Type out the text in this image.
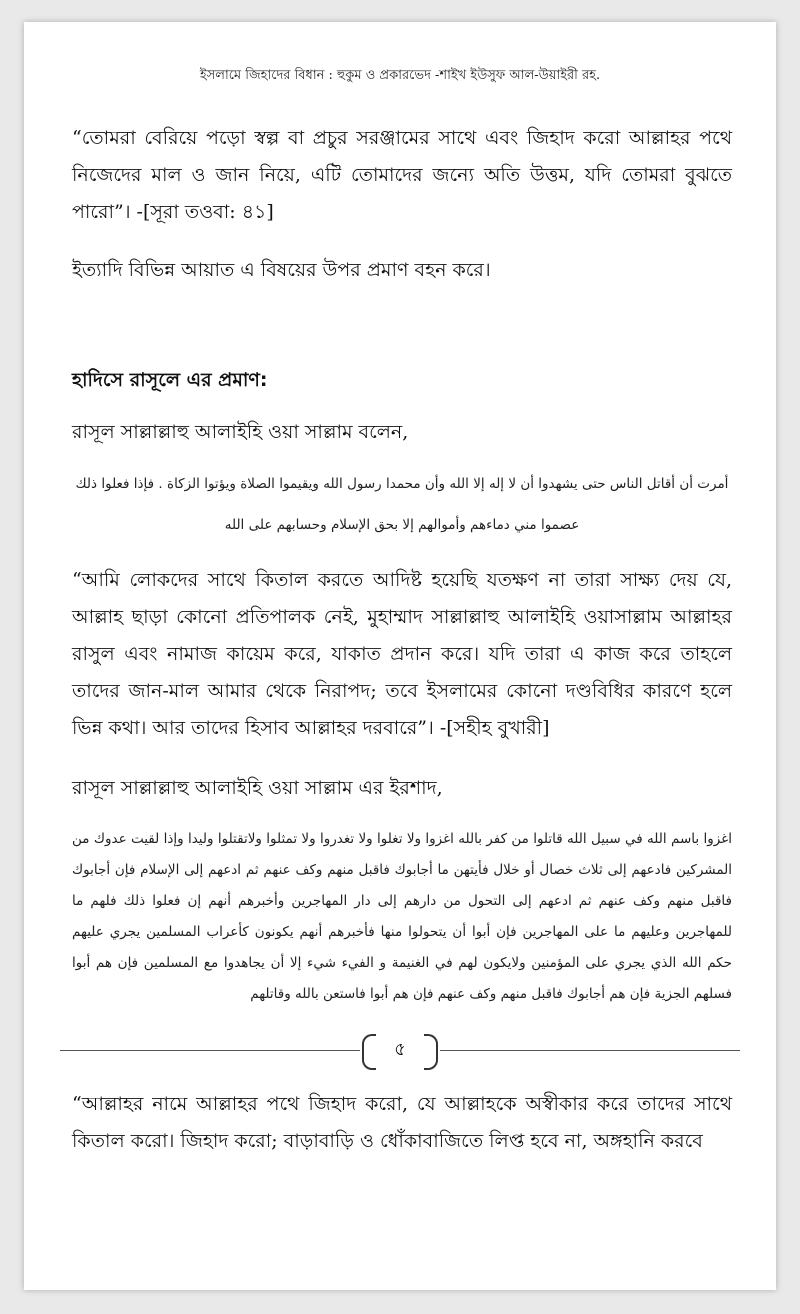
ইসলামে জিহাদের বিধান : হুকুম ও প্রকারভেদ -শাইখ ইউসুফ আল-উয়াইরী রহ.
“তোমরা বেরিয়ে পড়ো স্বল্প বা প্রচুর সরঞ্জামের সাথে এবং জিহাদ করো আল্লাহর পথে নিজেদের মাল ও জান নিয়ে, এটি তোমাদের জন্যে অতি উত্তম, যদি তোমরা বুঝতে পারো”। -[সূরা তওবা: ৪১]
ইত্যাদি বিভিন্ন আয়াত এ বিষয়ের উপর প্রমাণ বহন করে।
হাদিসে রাসূলে এর প্রমাণ:
রাসূল সাল্লাল্লাহু আলাইহি ওয়া সাল্লাম বলেন,
أمرت أن أقاتل الناس حتى يشهدوا أن لا إله إلا الله وأن محمدا رسول الله ويقيموا الصلاة ويؤتوا الزكاة . فإذا فعلوا ذلك عصموا مني دماءهم وأموالهم إلا بحق الإسلام وحسابهم على الله
“আমি লোকদের সাথে কিতাল করতে আদিষ্ট হয়েছি যতক্ষণ না তারা সাক্ষ্য দেয় যে, আল্লাহ ছাড়া কোনো প্রতিপালক নেই, মুহাম্মাদ সাল্লাল্লাহু আলাইহি ওয়াসাল্লাম আল্লাহর রাসুল এবং নামাজ কায়েম করে, যাকাত প্রদান করে। যদি তারা এ কাজ করে তাহলে তাদের জান-মাল আমার থেকে নিরাপদ; তবে ইসলামের কোনো দণ্ডবিধির কারণে হলে ভিন্ন কথা। আর তাদের হিসাব আল্লাহর দরবারে”। -[সহীহ বুখারী]
রাসূল সাল্লাল্লাহু আলাইহি ওয়া সাল্লাম এর ইরশাদ,
اغزوا باسم الله في سبيل الله قاتلوا من كفر بالله اغزوا ولا تغلوا ولا تغدروا ولا تمثلوا ولاتقتلوا وليدا وإذا لقيت عدوك من المشركين فادعهم إلى ثلاث خصال أو خلال فأيتهن ما أجابوك فاقبل منهم وكف عنهم ثم ادعهم إلى الإسلام فإن أجابوك فاقبل منهم وكف عنهم ثم ادعهم إلى التحول من دارهم إلى دار المهاجرين وأخبرهم أنهم إن فعلوا ذلك فلهم ما للمهاجرين وعليهم ما على المهاجرين فإن أبوا أن يتحولوا منها فأخبرهم أنهم يكونون كأعراب المسلمين يجري عليهم حكم الله الذي يجري على المؤمنين ولايكون لهم في الغنيمة و الفيء شيء إلا أن يجاهدوا مع المسلمين فإن هم أبوا فسلهم الجزية فإن هم أجابوك فاقبل منهم وكف عنهم فإن هم أبوا فاستعن بالله وقاتلهم
“আল্লাহর নামে আল্লাহর পথে জিহাদ করো, যে আল্লাহকে অস্বীকার করে তাদের সাথে কিতাল করো। জিহাদ করো; বাড়াবাড়ি ও ধোঁকাবাজিতে লিপ্ত হবে না, অঙ্গহানি করবে
৫
